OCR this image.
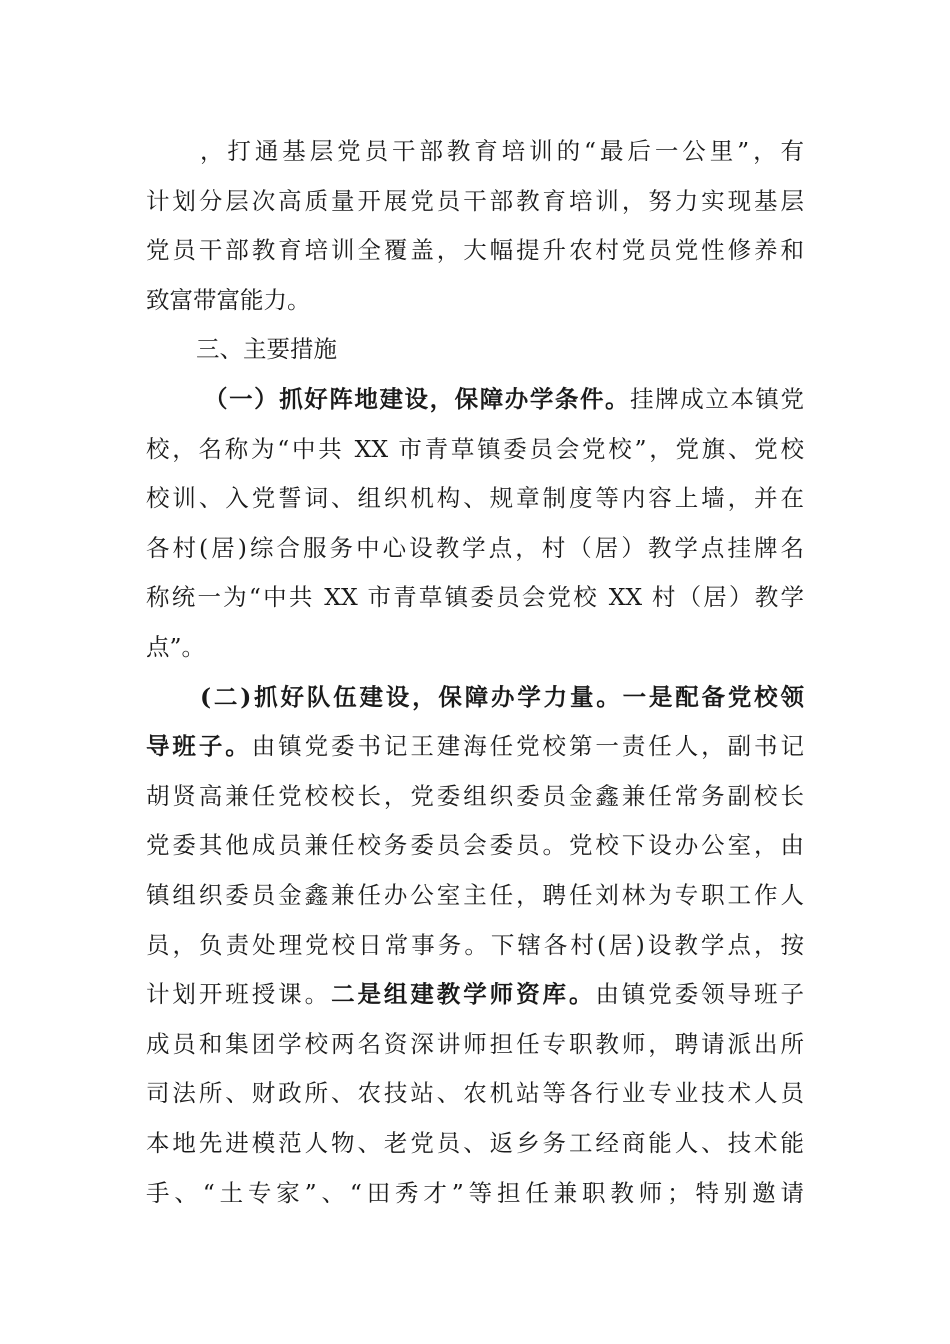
，打通基层党员干部教育培训的“最后一公里”，有
计划分层次高质量开展党员干部教育培训，努力实现基层
党员干部教育培训全覆盖，大幅提升农村党员党性修养和
致富带富能力。
三、主要措施
（一）抓好阵地建设，保障办学条件。挂牌成立本镇党
校，名称为“中共 XX 市青草镇委员会党校”，党旗、党校
校训、入党誓词、组织机构、规章制度等内容上墙，并在
各村(居)综合服务中心设教学点，村（居）教学点挂牌名
称统一为“中共 XX 市青草镇委员会党校 XX 村（居）教学
点”。
(二)抓好队伍建设，保障办学力量。一是配备党校领
导班子。由镇党委书记王建海任党校第一责任人，副书记
胡贤高兼任党校校长，党委组织委员金鑫兼任常务副校长
党委其他成员兼任校务委员会委员。党校下设办公室，由
镇组织委员金鑫兼任办公室主任，聘任刘林为专职工作人
员，负责处理党校日常事务。下辖各村(居)设教学点，按
计划开班授课。二是组建教学师资库。由镇党委领导班子
成员和集团学校两名资深讲师担任专职教师，聘请派出所
司法所、财政所、农技站、农机站等各行业专业技术人员
本地先进模范人物、老党员、返乡务工经商能人、技术能
手、“土专家”、“田秀才”等担任兼职教师；特别邀请
